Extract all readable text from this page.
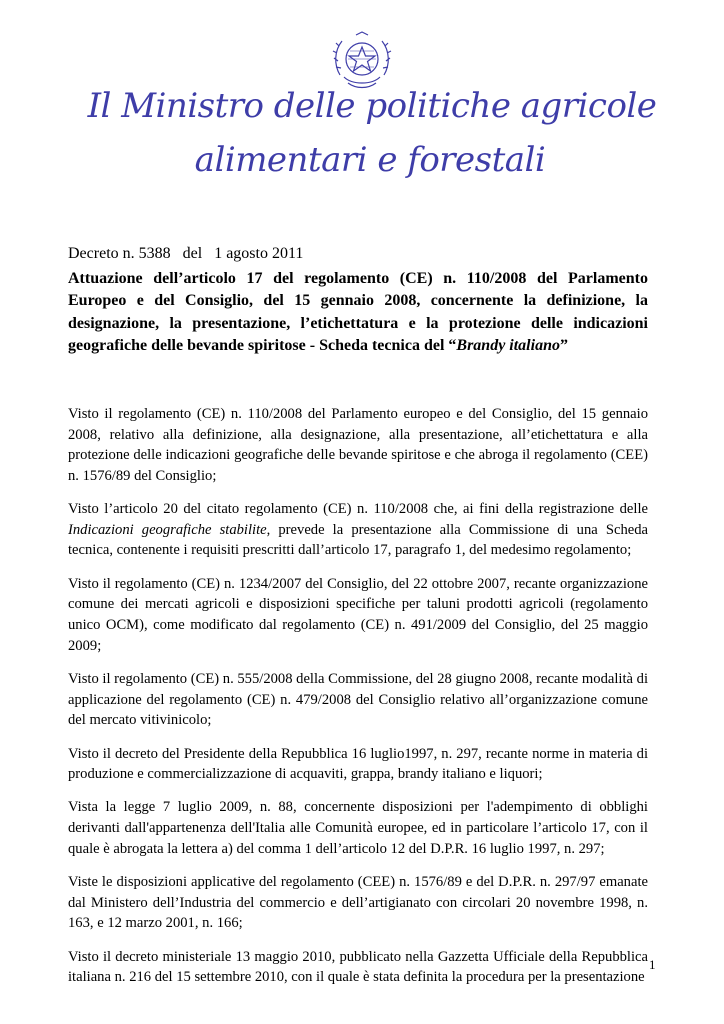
Il Ministro delle politiche agricole
alimentari e forestali
Decreto n. 5388 del 1 agosto 2011
Attuazione dell’articolo 17 del regolamento (CE) n. 110/2008 del Parlamento Europeo e del Consiglio, del 15 gennaio 2008, concernente la definizione, la designazione, la presentazione, l’etichettatura e la protezione delle indicazioni geografiche delle bevande spiritose - Scheda tecnica del “Brandy italiano”

Visto il regolamento (CE) n. 110/2008 del Parlamento europeo e del Consiglio, del 15 gennaio 2008, relativo alla definizione, alla designazione, alla presentazione, all’etichettatura e alla protezione delle indicazioni geografiche delle bevande spiritose e che abroga il regolamento (CEE) n. 1576/89 del Consiglio;

Visto l’articolo 20 del citato regolamento (CE) n. 110/2008 che, ai fini della registrazione delle Indicazioni geografiche stabilite, prevede la presentazione alla Commissione di una Scheda tecnica, contenente i requisiti prescritti dall’articolo 17, paragrafo 1, del medesimo regolamento;

Visto il regolamento (CE) n. 1234/2007 del Consiglio, del 22 ottobre 2007, recante organizzazione comune dei mercati agricoli e disposizioni specifiche per taluni prodotti agricoli (regolamento unico OCM), come modificato dal regolamento (CE) n. 491/2009 del Consiglio, del 25 maggio 2009;

Visto il regolamento (CE) n. 555/2008 della Commissione, del 28 giugno 2008, recante modalità di applicazione del regolamento (CE) n. 479/2008 del Consiglio relativo all’organizzazione comune del mercato vitivinicolo;

Visto il decreto del Presidente della Repubblica 16 luglio1997, n. 297, recante norme in materia di produzione e commercializzazione di acquaviti, grappa, brandy italiano e liquori;

Vista la legge 7 luglio 2009, n. 88, concernente disposizioni per l'adempimento di obblighi derivanti dall'appartenenza dell'Italia alle Comunità europee, ed in particolare l’articolo 17, con il quale è abrogata la lettera a) del comma 1 dell’articolo 12 del D.P.R. 16 luglio 1997, n. 297;

Viste le disposizioni applicative del regolamento (CEE) n. 1576/89 e del D.P.R. n. 297/97 emanate dal Ministero dell’Industria del commercio e dell’artigianato con circolari 20 novembre 1998, n. 163, e 12 marzo 2001, n. 166;

Visto il decreto ministeriale 13 maggio 2010, pubblicato nella Gazzetta Ufficiale della Repubblica italiana n. 216 del 15 settembre 2010, con il quale è stata definita la procedura per la presentazione

1
